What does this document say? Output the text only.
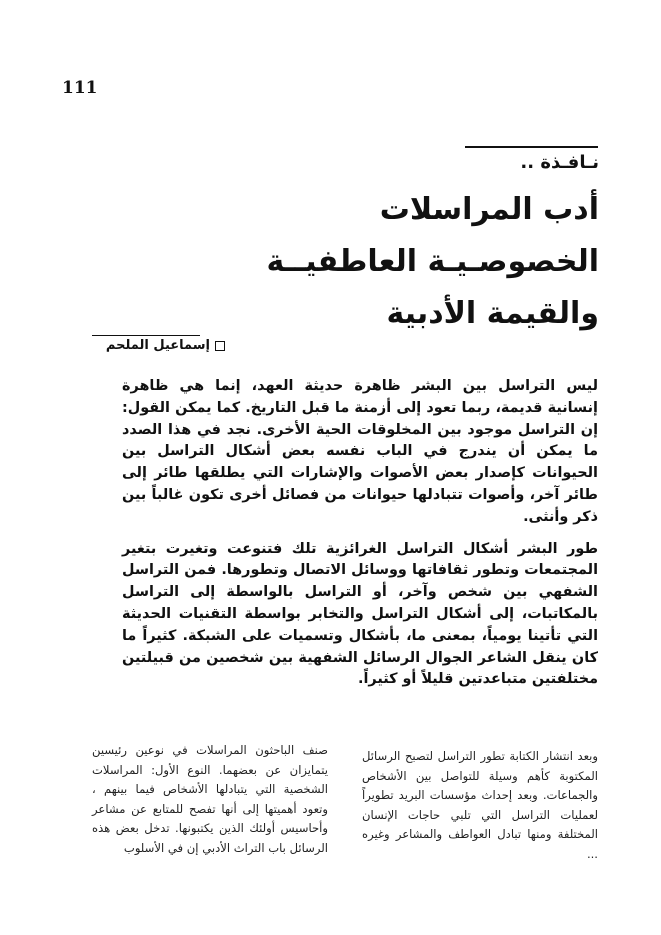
111
نـافـذة ..
أدب المراسلات
الخصوصـيـة العاطفيــة
والقيمة الأدبية
إسماعيل الملحم

ليس التراسل بين البشر ظاهرة حديثة العهد، إنما هي ظاهرة إنسانية قديمة، ربما تعود إلى أزمنة ما قبل التاريخ. كما يمكن القول: إن التراسل موجود بين المخلوقات الحية الأخرى. نجد في هذا الصدد ما يمكن أن يندرج في الباب نفسه بعض أشكال التراسل بين الحيوانات كإصدار بعض الأصوات والإشارات التي يطلقها طائر إلى طائر آخر، وأصوات تتبادلها حيوانات من فصائل أخرى تكون غالباً بين ذكر وأنثى.

طور البشر أشكال التراسل الغرائزية تلك فتنوعت وتغيرت بتغير المجتمعات وتطور ثقافاتها ووسائل الاتصال وتطورها. فمن التراسل الشفهي بين شخص وآخر، أو التراسل بالواسطة إلى التراسل بالمكاتبات، إلى أشكال التراسل والتخابر بواسطة التقنيات الحديثة التي تأتينا يومياً، بمعنى ما، بأشكال وتسميات على الشبكة. كثيراً ما كان ينقل الشاعر الجوال الرسائل الشفهية بين شخصين من قبيلتين مختلفتين متباعدتين قليلاً أو كثيراً.

وبعد انتشار الكتابة تطور التراسل لتصبح الرسائل المكتوبة كأهم وسيلة للتواصل بين الأشخاص والجماعات. وبعد إحداث مؤسسات البريد تطويراً لعمليات التراسل التي تلبي حاجات الإنسان المختلفة ومنها تبادل العواطف والمشاعر وغيره ...
صنف الباحثون المراسلات في نوعين رئيسين يتمايزان عن بعضهما. النوع الأول: المراسلات الشخصية التي يتبادلها الأشخاص فيما بينهم ، وتعود أهميتها إلى أنها تفصح للمتابع عن مشاعر وأحاسيس أولئك الذين يكتبونها. تدخل بعض هذه الرسائل باب التراث الأدبي إن في الأسلوب
